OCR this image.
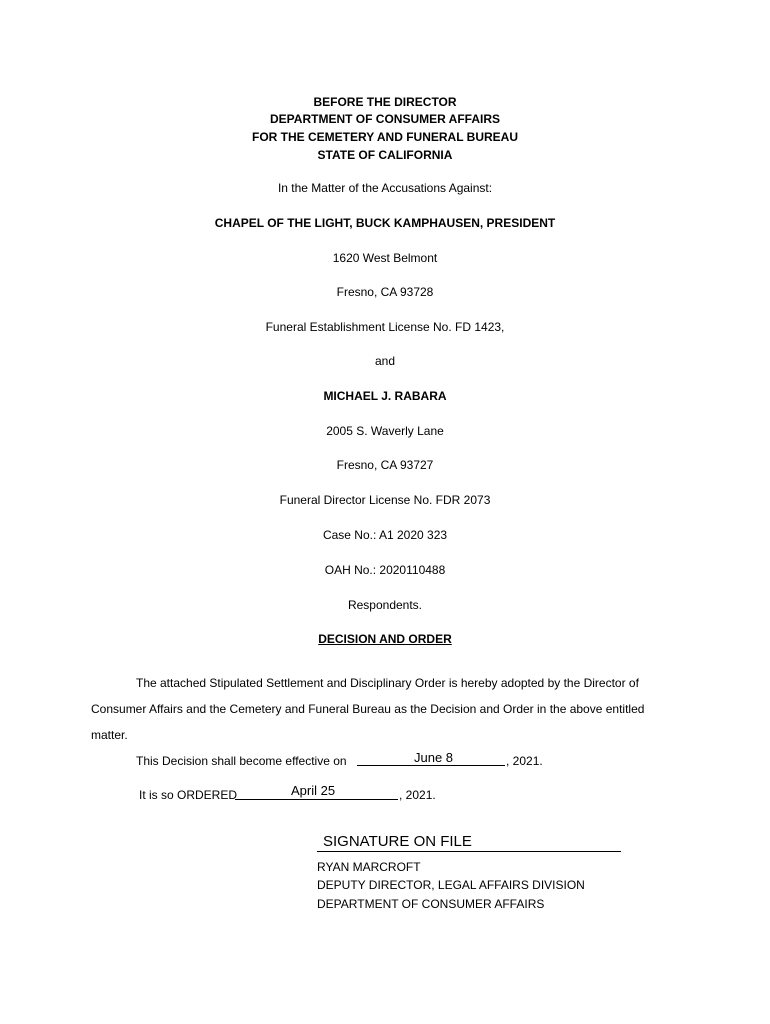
BEFORE THE DIRECTOR
DEPARTMENT OF CONSUMER AFFAIRS
FOR THE CEMETERY AND FUNERAL BUREAU
STATE OF CALIFORNIA
In the Matter of the Accusations Against:
CHAPEL OF THE LIGHT, BUCK KAMPHAUSEN, PRESIDENT
1620 West Belmont
Fresno, CA 93728
Funeral Establishment License No. FD 1423,
and
MICHAEL J. RABARA
2005 S. Waverly Lane
Fresno, CA 93727
Funeral Director License No. FDR 2073
Case No.: A1 2020 323
OAH No.: 2020110488
Respondents.
DECISION AND ORDER
The attached Stipulated Settlement and Disciplinary Order is hereby adopted by the Director of
Consumer Affairs and the Cemetery and Funeral Bureau as the Decision and Order in the above entitled
matter.
This Decision shall become effective on	June 8	, 2021.
It is so ORDERED	April 25	, 2021.
SIGNATURE ON FILE
RYAN MARCROFT
DEPUTY DIRECTOR, LEGAL AFFAIRS DIVISION
DEPARTMENT OF CONSUMER AFFAIRS
